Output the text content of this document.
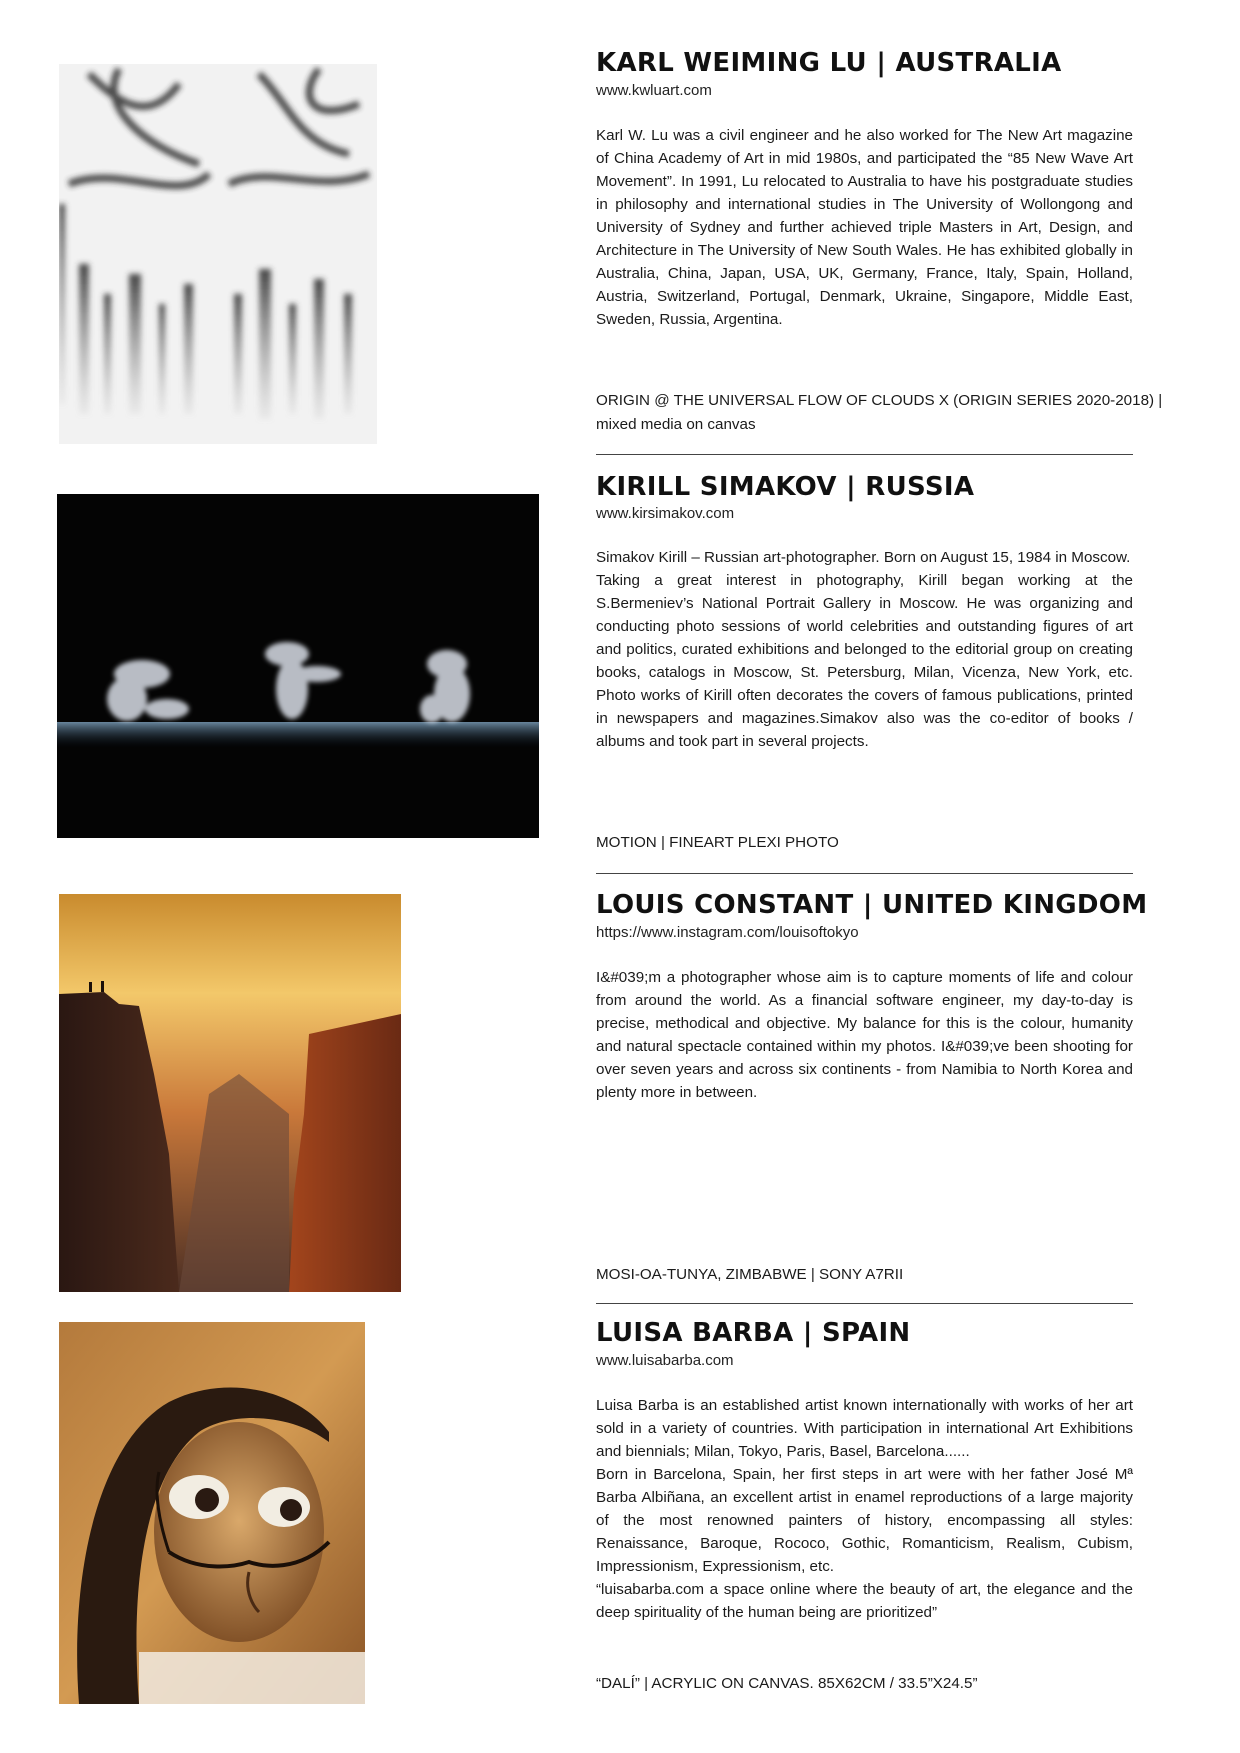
KARL WEIMING LU | AUSTRALIA
www.kwluart.com

Karl W. Lu was a civil engineer and he also worked for The New Art magazine of China Academy of Art in mid 1980s, and participated the “85 New Wave Art Movement”. In 1991, Lu relocated to Australia to have his postgraduate studies in philosophy and international studies in The University of Wollongong and University of Sydney and further achieved triple Masters in Art, Design, and Architecture in The University of New South Wales. He has exhibited globally in Australia, China, Japan, USA, UK, Germany, France, Italy, Spain, Holland, Austria, Switzerland, Portugal, Denmark, Ukraine, Singapore, Middle East, Sweden, Russia, Argentina.

ORIGIN @ THE UNIVERSAL FLOW OF CLOUDS X (ORIGIN SERIES 2020-2018) |
mixed media on canvas
KIRILL SIMAKOV | RUSSIA
www.kirsimakov.com

Simakov Kirill – Russian art-photographer. Born on August 15, 1984 in Moscow.

Taking a great interest in photography, Kirill began working at the S.Bermeniev’s National Portrait Gallery in Moscow. He was organizing and conducting photo sessions of world celebrities and outstanding figures of art and politics, curated exhibitions and belonged to the editorial group on creating books, catalogs in Moscow, St. Petersburg, Milan, Vicenza, New York, etc. Photo works of Kirill often decorates the covers of famous publications, printed in newspapers and magazines.Simakov also was the co-editor of books / albums and took part in several projects.

MOTION | FINEART PLEXI PHOTO
LOUIS CONSTANT | UNITED KINGDOM
https://www.instagram.com/louisoftokyo

I&#039;m a photographer whose aim is to capture moments of life and colour from around the world. As a financial software engineer, my day-to-day is precise, methodical and objective. My balance for this is the colour, humanity and natural spectacle contained within my photos. I&#039;ve been shooting for over seven years and across six continents - from Namibia to North Korea and plenty more in between.

MOSI-OA-TUNYA, ZIMBABWE | SONY A7RII
LUISA BARBA | SPAIN
www.luisabarba.com

Luisa Barba is an established artist known internationally with works of her art sold in a variety of countries. With participation in international Art Exhibitions and biennials; Milan, Tokyo, Paris, Basel, Barcelona......

Born in Barcelona, Spain, her first steps in art were with her father José Mª Barba Albiñana, an excellent artist in enamel reproductions of a large majority of the most renowned painters of history, encompassing all styles: Renaissance, Baroque, Rococo, Gothic, Romanticism, Realism, Cubism, Impressionism, Expressionism, etc.

“luisabarba.com a space online where the beauty of art, the elegance and the deep spirituality of the human being are prioritized”

“DALÍ” | ACRYLIC ON CANVAS. 85X62CM / 33.5”X24.5”
